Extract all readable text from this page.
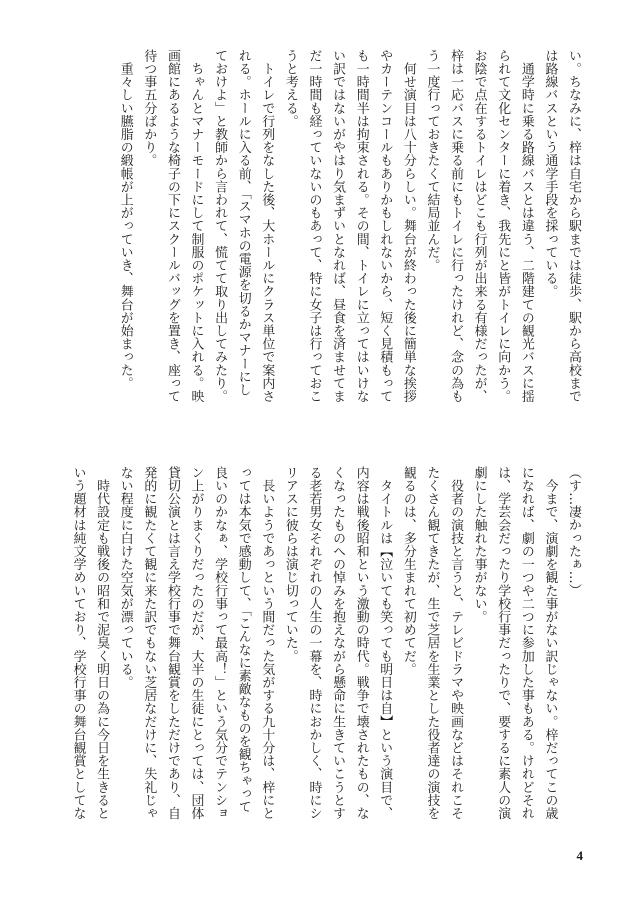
い。ちなみに、梓は自宅から駅までは徒歩、駅から高校まで

は路線バスという通学手段を採っている。

　通学時に乗る路線バスとは違う、二階建ての観光バスに揺

られて文化センターに着き、我先にと皆がトイレに向かう。

お陰で点在するトイレはどこも行列が出来る有様だったが、

梓は一応バスに乗る前にもトイレに行ったけれど、念の為も

う一度行っておきたくて結局並んだ。

　何せ演目は八十分らしい。舞台が終わった後に簡単な挨拶

やカーテンコールもありかもしれないから、短く見積もって

も一時間半は拘束される。その間、トイレに立ってはいけな

い訳ではないがやはり気まずいとなれば、昼食を済ませてま

だ一時間も経っていないのもあって、特に女子は行っておこ

うと考える。

　トイレで行列をなした後、大ホールにクラス単位で案内さ

れる。ホールに入る前、「スマホの電源を切るかマナーにし

ておけよ」と教師から言われて、慌てて取り出してみたり。

　ちゃんとマナーモードにして制服のポケットに入れる。映

画館にあるような椅子の下にスクールバッグを置き、座って

待つ事五分ばかり。

　重々しい臙脂の緞帳が上がっていき、舞台が始まった。

（す…凄かったぁ…）

　今まで、演劇を観た事がない訳じゃない。梓だってこの歳

になれば、劇の一つや二つに参加した事もある。けれどそれ

は、学芸会だったり学校行事だったりで、要するに素人の演

劇にした触れた事がない。

　役者の演技と言うと、テレビドラマや映画などはそれこそ

たくさん観てきたが、生で芝居を生業とした役者達の演技を

観るのは、多分生まれて初めてだ。

　タイトルは【泣いても笑っても明日は自】という演目で、

内容は戦後昭和という激動の時代。戦争で壊されたもの、な

くなったものへの悼みを抱えながら懸命に生きていこうとす

る老若男女それぞれの人生の一幕を、時におかしく、時にシ

リアスに彼らは演じ切っていた。

　長いようであっという間だった気がする九十分は、梓にと

っては本気で感動して、「こんなに素敵なものを観ちゃって

良いのかなぁ、学校行事って最高！」という気分でテンショ

ン上がりまくりだったのだが、大半の生徒にとっては、団体

貸切公演とは言え学校行事で舞台観賞をしただけであり、自

発的に観たくて観に来た訳でもない芝居なだけに、失礼じゃ

ない程度に白けた空気が漂っている。

　時代設定も戦後の昭和で泥臭く明日の為に今日を生きると

いう題材は純文学めいており、学校行事の舞台観賞としてな

4
